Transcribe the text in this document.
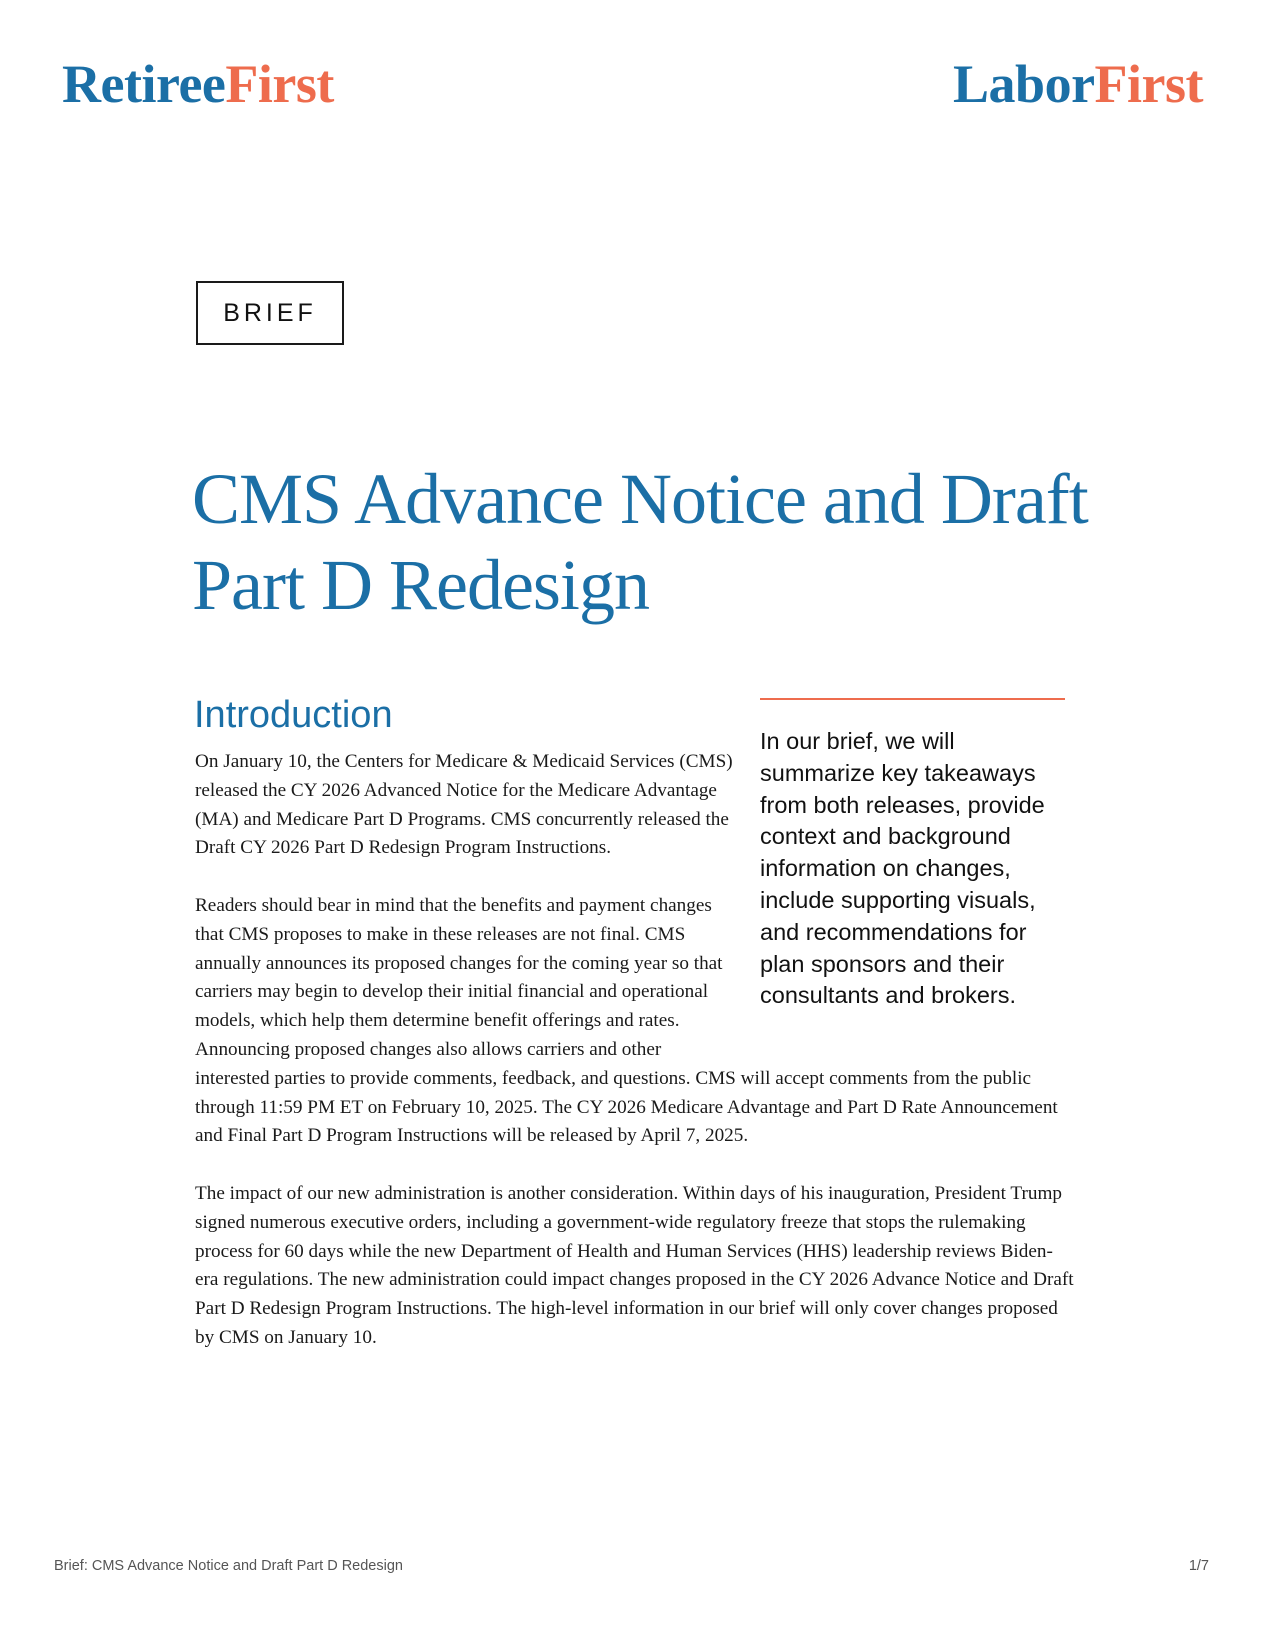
RetireeFirst	LaborFirst
BRIEF
CMS Advance Notice and Draft
Part D Redesign
Introduction
In our brief, we will summarize key takeaways from both releases, provide context and background information on changes, include supporting visuals, and recommendations for plan sponsors and their consultants and brokers.

On January 10, the Centers for Medicare & Medicaid Services (CMS) released the CY 2026 Advanced Notice for the Medicare Advantage (MA) and Medicare Part D Programs. CMS concurrently released the Draft CY 2026 Part D Redesign Program Instructions.

Readers should bear in mind that the benefits and payment changes that CMS proposes to make in these releases are not final. CMS annually announces its proposed changes for the coming year so that carriers may begin to develop their initial financial and operational models, which help them determine benefit offerings and rates. Announcing proposed changes also allows carriers and other interested parties to provide comments, feedback, and questions. CMS will accept comments from the public through 11:59 PM ET on February 10, 2025. The CY 2026 Medicare Advantage and Part D Rate Announcement and Final Part D Program Instructions will be released by April 7, 2025.

The impact of our new administration is another consideration. Within days of his inauguration, President Trump signed numerous executive orders, including a government-wide regulatory freeze that stops the rulemaking process for 60 days while the new Department of Health and Human Services (HHS) leadership reviews Biden-era regulations. The new administration could impact changes proposed in the CY 2026 Advance Notice and Draft Part D Redesign Program Instructions. The high-level information in our brief will only cover changes proposed by CMS on January 10.

Brief: CMS Advance Notice and Draft Part D Redesign	1/7
